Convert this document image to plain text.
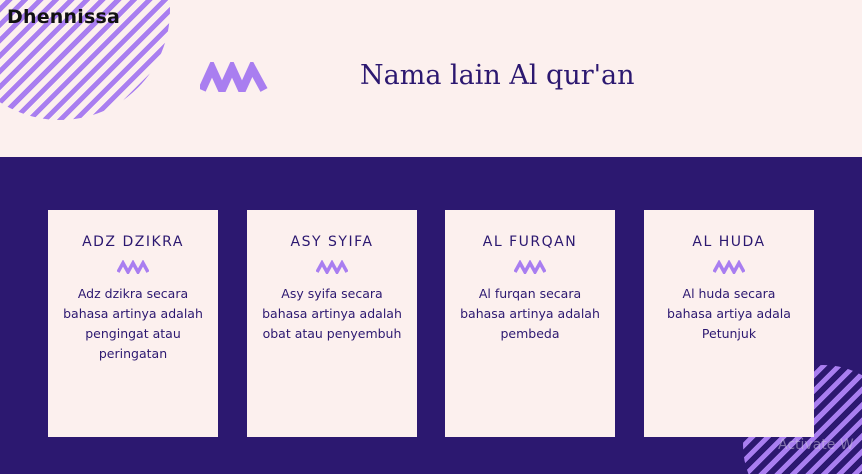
Dhennissa
Nama lain Al qur'an
ADZ DZIKRA
Adz dzikra secara bahasa artinya adalah pengingat atau peringatan
ASY SYIFA
Asy syifa secara bahasa artinya adalah obat atau penyembuh
AL FURQAN
Al furqan secara bahasa artinya adalah pembeda
AL HUDA
Al huda secara bahasa artiya adala Petunjuk
Activate W
